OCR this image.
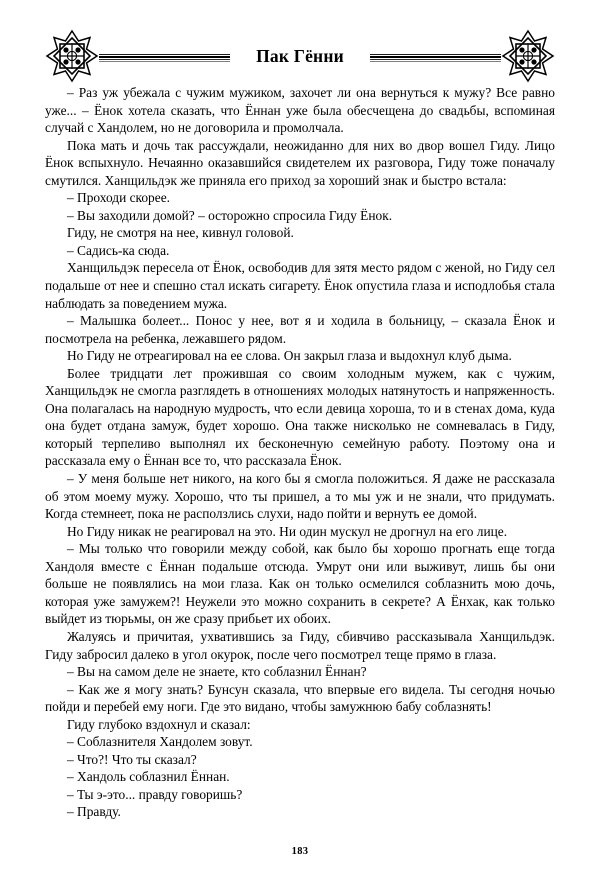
Пак Гённи

– Раз уж убежала с чужим мужиком, захочет ли она вернуться к мужу? Все равно уже... – Ёнок хотела сказать, что Ённан уже была обесчещена до свадьбы, вспоминая случай с Хандолем, но не договорила и промолчала.

Пока мать и дочь так рассуждали, неожиданно для них во двор вошел Гиду. Лицо Ёнок вспыхнуло. Нечаянно оказавшийся свидетелем их разговора, Гиду тоже поначалу смутился. Ханщильдэк же приняла его приход за хороший знак и быстро встала:

– Проходи скорее.

– Вы заходили домой? – осторожно спросила Гиду Ёнок.

Гиду, не смотря на нее, кивнул головой.

– Садись-ка сюда.

Ханщильдэк пересела от Ёнок, освободив для зятя место рядом с женой, но Гиду сел подальше от нее и спешно стал искать сигарету. Ёнок опустила глаза и исподлобья стала наблюдать за поведением мужа.

– Малышка болеет... Понос у нее, вот я и ходила в больницу, – сказала Ёнок и посмотрела на ребенка, лежавшего рядом.

Но Гиду не отреагировал на ее слова. Он закрыл глаза и выдохнул клуб дыма.

Более тридцати лет прожившая со своим холодным мужем, как с чужим, Ханщильдэк не смогла разглядеть в отношениях молодых натянутость и напряженность. Она полагалась на народную мудрость, что если девица хороша, то и в стенах дома, куда она будет отдана замуж, будет хорошо. Она также нисколько не сомневалась в Гиду, который терпеливо выполнял их бесконечную семейную работу. Поэтому она и рассказала ему о Ённан все то, что рассказала Ёнок.

– У меня больше нет никого, на кого бы я смогла положиться. Я даже не рассказала об этом моему мужу. Хорошо, что ты пришел, а то мы уж и не знали, что придумать. Когда стемнеет, пока не расползлись слухи, надо пойти и вернуть ее домой.

Но Гиду никак не реагировал на это. Ни один мускул не дрогнул на его лице.

– Мы только что говорили между собой, как было бы хорошо прогнать еще тогда Хандоля вместе с Ённан подальше отсюда. Умрут они или выживут, лишь бы они больше не появлялись на мои глаза. Как он только осмелился соблазнить мою дочь, которая уже замужем?! Неужели это можно сохранить в секрете? А Ёнхак, как только выйдет из тюрьмы, он же сразу прибьет их обоих.

Жалуясь и причитая, ухватившись за Гиду, сбивчиво рассказывала Ханщильдэк. Гиду забросил далеко в угол окурок, после чего посмотрел теще прямо в глаза.

– Вы на самом деле не знаете, кто соблазнил Ённан?

– Как же я могу знать? Бунсун сказала, что впервые его видела. Ты сегодня ночью пойди и перебей ему ноги. Где это видано, чтобы замужнюю бабу соблазнять!

Гиду глубоко вздохнул и сказал:

– Соблазнителя Хандолем зовут.

– Что?! Что ты сказал?

– Хандоль соблазнил Ённан.

– Ты э-это... правду говоришь?

– Правду.

183
